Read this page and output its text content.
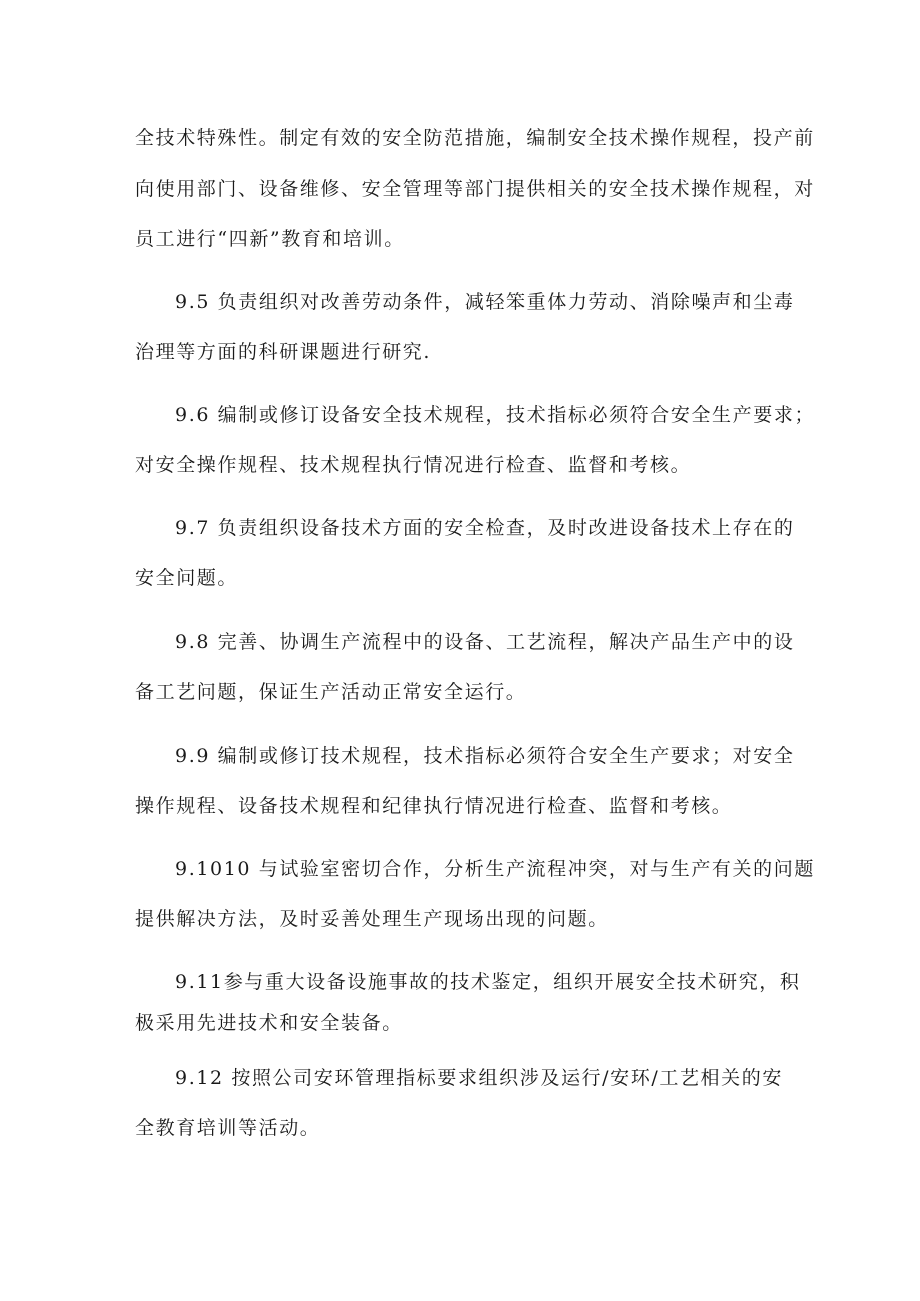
全技术特殊性。制定有效的安全防范措施，编制安全技术操作规程，投产前

向使用部门、设备维修、安全管理等部门提供相关的安全技术操作规程，对

员工进行“四新”教育和培训。

9.5 负责组织对改善劳动条件，减轻笨重体力劳动、消除噪声和尘毒

治理等方面的科研课题进行研究.

9.6 编制或修订设备安全技术规程，技术指标必须符合安全生产要求；

对安全操作规程、技术规程执行情况进行检查、监督和考核。

9.7 负责组织设备技术方面的安全检查，及时改进设备技术上存在的

安全问题。

9.8 完善、协调生产流程中的设备、工艺流程，解决产品生产中的设

备工艺问题，保证生产活动正常安全运行。

9.9 编制或修订技术规程，技术指标必须符合安全生产要求；对安全

操作规程、设备技术规程和纪律执行情况进行检查、监督和考核。

9.1010 与试验室密切合作，分析生产流程冲突，对与生产有关的问题

提供解决方法，及时妥善处理生产现场出现的问题。

9.11参与重大设备设施事故的技术鉴定，组织开展安全技术研究，积

极采用先进技术和安全装备。

9.12 按照公司安环管理指标要求组织涉及运行/安环/工艺相关的安

全教育培训等活动。
